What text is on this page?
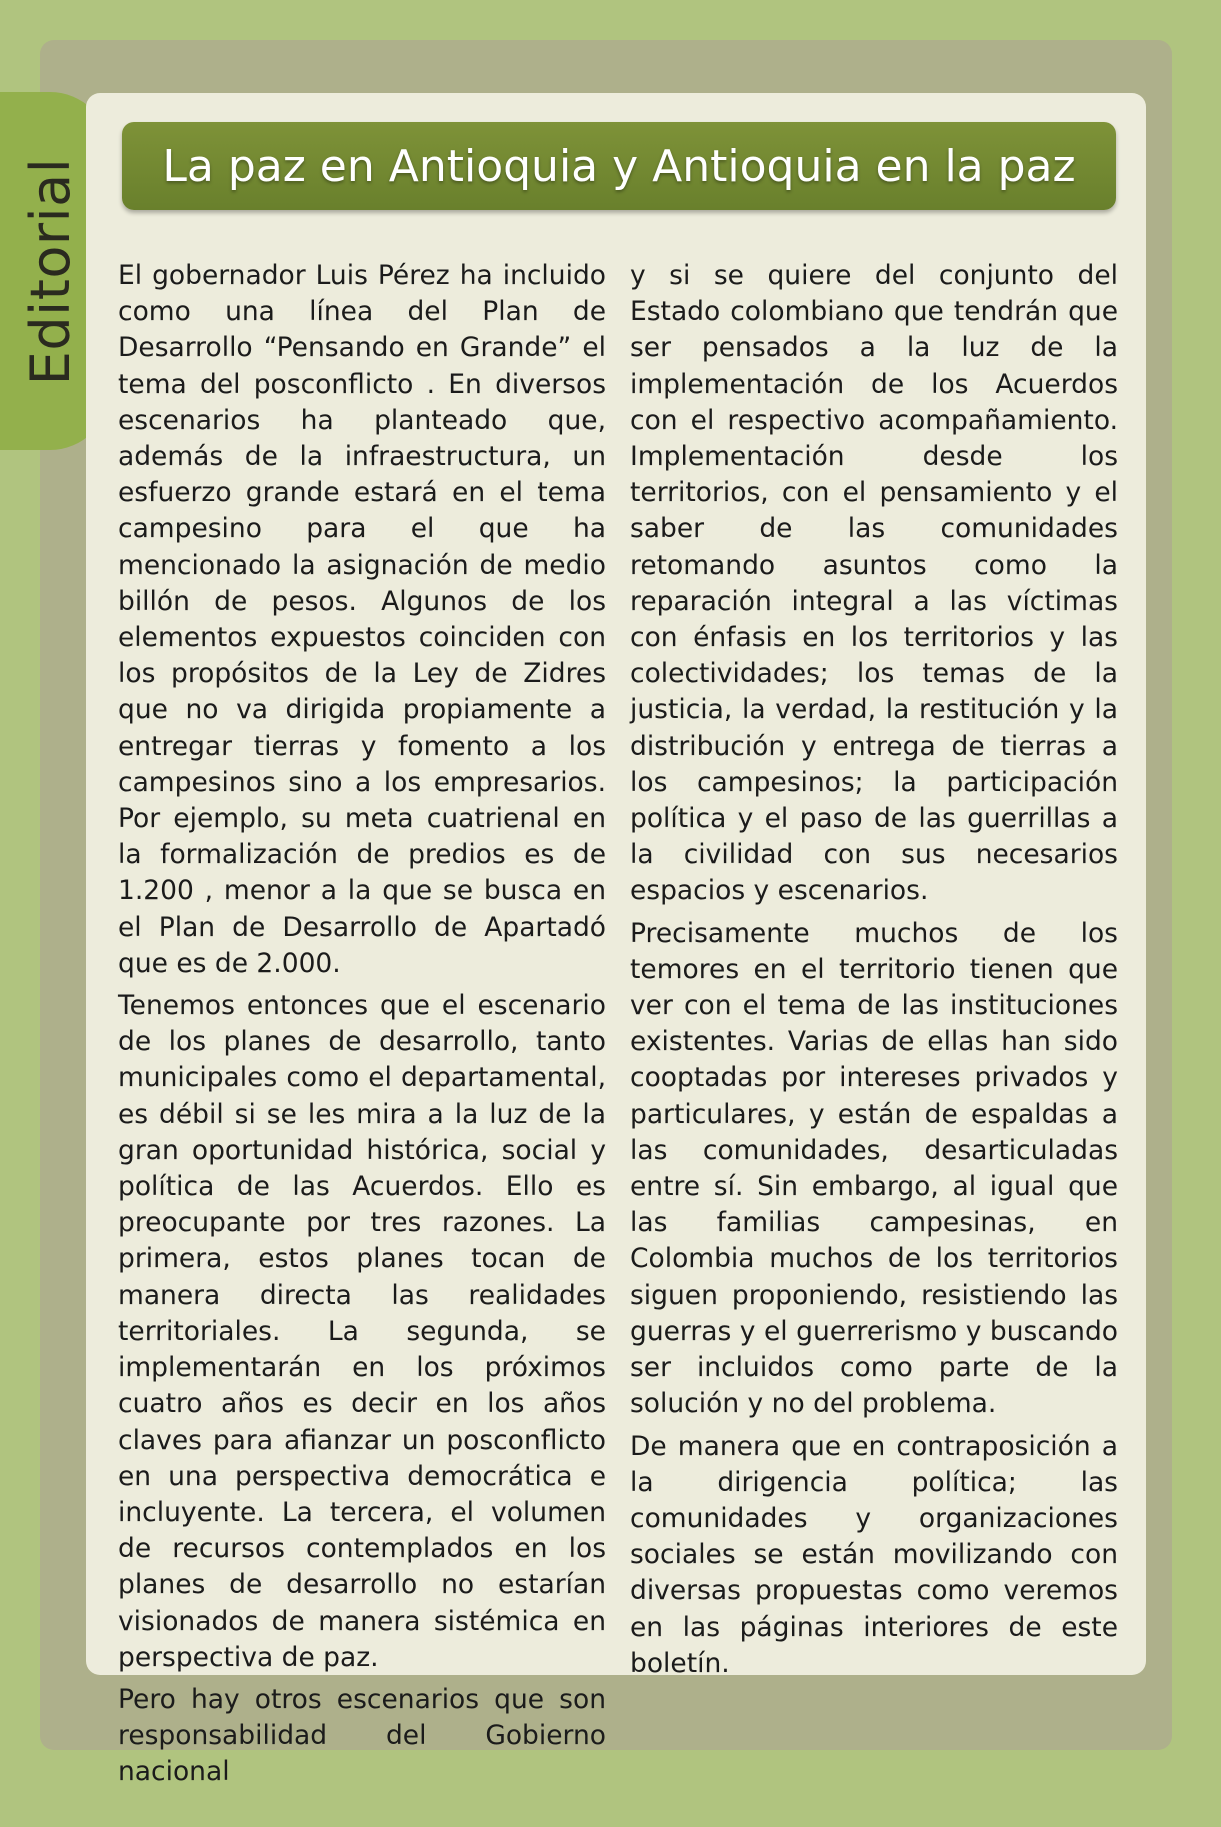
Editorial La paz en Antioquia y Antioquia en la paz

El gobernador Luis Pérez ha incluido como una línea del Plan de Desarrollo “Pensando en Grande” el tema del posconflicto . En diversos escenarios ha planteado que, además de la infraestructura, un esfuerzo grande estará en el tema campesino para el que ha mencionado la asignación de medio billón de pesos. Algunos de los elementos expuestos coinciden con los propósitos de la Ley de Zidres que no va dirigida propiamente a entregar tierras y fomento a los campesinos sino a los empresarios. Por ejemplo, su meta cuatrienal en la formalización de predios es de 1.200 , menor a la que se busca en el Plan de Desarrollo de Apartadó que es de 2.000.

Tenemos entonces que el escenario de los planes de desarrollo, tanto municipales como el departamental, es débil si se les mira a la luz de la gran oportunidad histórica, social y política de las Acuerdos. Ello es preocupante por tres razones. La primera, estos planes tocan de manera directa las realidades territoriales. La segunda, se implementarán en los próximos cuatro años es decir en los años claves para afianzar un posconflicto en una perspectiva democrática e incluyente. La tercera, el volumen de recursos contemplados en los planes de desarrollo no estarían visionados de manera sistémica en perspectiva de paz.

Pero hay otros escenarios que son responsabilidad del Gobierno nacional

y si se quiere del conjunto del Estado colombiano que tendrán que ser pensados a la luz de la implementación de los Acuerdos con el respectivo acompañamiento. Implementación desde los territorios, con el pensamiento y el saber de las comunidades retomando asuntos como la reparación integral a las víctimas con énfasis en los territorios y las colectividades; los temas de la justicia, la verdad, la restitución y la distribución y entrega de tierras a los campesinos; la participación política y el paso de las guerrillas a la civilidad con sus necesarios espacios y escenarios.

Precisamente muchos de los temores en el territorio tienen que ver con el tema de las instituciones existentes. Varias de ellas han sido cooptadas por intereses privados y particulares, y están de espaldas a las comunidades, desarticuladas entre sí. Sin embargo, al igual que las familias campesinas, en Colombia muchos de los territorios siguen proponiendo, resistiendo las guerras y el guerrerismo y buscando ser incluidos como parte de la solución y no del problema.

De manera que en contraposición a la dirigencia política; las comunidades y organizaciones sociales se están movilizando con diversas propuestas como veremos en las páginas interiores de este boletín.
